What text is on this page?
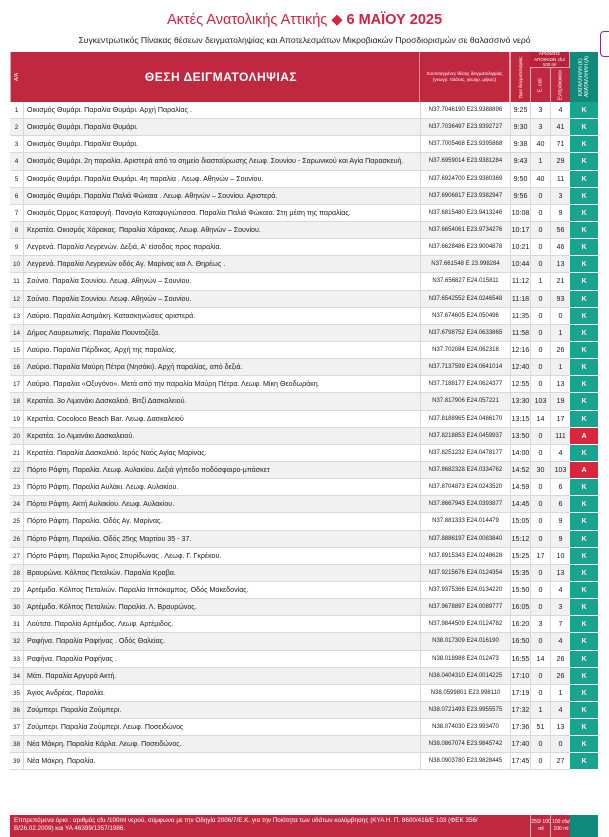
Ακτές Ανατολικής Αττικής ◆ 6 ΜΑΪΟΥ 2025
Συγκεντρωτικός Πίνακας θέσεων δειγματοληψίας και Αποτελεσμάτων Μικροβιακών Προσδιορισμών σε θαλασσινό νερό
Α/Α	ΘΕΣΗ ΔΕΙΓΜΑΤΟΛΗΨΙΑΣ	Συντεταγμένες θέσης δειγματοληψίας (γεωγρ. πλάτος, γεωγρ. μήκος)	Ώρα δειγματοληψίας
ΑΡΙΘΜΟΣ ΑΠΟΙΚΙΩΝ cfu/ 100 ml
E. coli	Εντερόκοκκοι	ΚΑΤΑΛΛΗΛΗ (Κ) ΑΚΑΤΑΛΛΗΛΗ (Α)
1	Οικισμός Θυμάρι. Παραλία Θυμάρι. Αρχή Παραλίας .	N37.7046190 E23.9388896	9:25	3	4	K
2	Οικισμός Θυμάρι. Παραλία Θυμάρι.	N37.7036497 E23.9392727	9:30	3	41	K
3	Οικισμός Θυμάρι. Παραλία Θυμάρι.	N37.7005468 E23.9395868	9:38	40	71	K
4	Οικισμός Θυμάρι. 2η παραλία. Αριστερά από το σημείο διασταύρωσης Λεωφ. Σουνίου - Σαρωνικού και Αγία Παρασκευή.	N37.6959014 E23.9381284	9:43	1	29	K
5	Οικισμός Θυμάρι. Παραλία Θυμάρι. 4η παραλία . Λεωφ. Αθηνών – Σουνίου.	N37.6924700 E23.9380369	9:50	40	11	K
6	Οικισμός Θυμάρι. Παραλία Παλιά Φώκαια . Λεωφ. Αθηνών – Σουνίου. Αριστερά.	N37.6906817 E23.9382947	9:56	0	3	K
7	Οικισμός Όρμος Καταφυγή. Παναγία Καταφυγιώτισσα. Παραλία Παλιά Φώκαια. Στη μέση της παραλίας.	N37.6815480 E23.9413246	10:08	0	9	K
8	Κερατέα. Οικισμός Χάρακας. Παραλία Χάρακας. Λεωφ. Αθηνών – Σουνίου.	N37.6654061 E23.9734276	10:17	0	56	K
9	Λεγρενά. Παραλία Λεγρενών. Δεξιά, Α' είσοδος προς παραλία.	N37.6628486 E23.9004878	10:21	0	46	K
10 Λεγρενά. Παραλία Λεγρενών οδός Αγ. Μαρίνας και Λ. Θηρέως .	N37.661548 E 23.998284	10:44	0	13	K
11	Σούνιο. Παραλία Σουνίου. Λεωφ. Αθηνών – Σουνίου.	N37.656827 E24.015811	11:12	1	21	K
12 Σούνιο. Παραλία Σουνίου. Λεωφ. Αθηνών – Σουνίου.	N37.6542552 E24.0246548	11:18	0	93	K
13 Λαύριο. Παραλία Ασημάκη. Κατασκηνώσεις αριστερά.	N37.674605 E24.050496	11:35	0	0	K
14 Δήμος Λαυρεωτικής. Παραλία Πουντοζέζα.	N37.6798752 E24.0633865	11:58	0	1	K
15 Λαύριο. Παραλία Πέρδικας. Αρχή της παραλίας.	N37.702084 E24.062318	12:16	0	26	K
16 Λαύριο. Παραλία Μαύρη Πέτρα (Νησάκι). Αρχή παραλίας, από δεξιά.	N37.7137599 E24.0641014	12:40	0	1	K
17 Λαύριο. Παραλία «Οξυγόνο». Μετά από την παραλία Μαύρη Πέτρα. Λεωφ. Μίκη Θεοδωράκη.	N37.7188177 E24.0624377	12:55	0	13	K
18 Κερατέα. 3ο Λιμανάκι Δασκαλειό. Βιτζί Δασκαλειού.	N37.817906 E24.057221	13:30 103	19	K
19 Κερατέα. Cocoloco Beach Bar. Λεωφ. Δασκαλειού	N37.8188965 E24.0486170	13:15	14	17	K
20 Κερατέα. 1ο Λιμανάκι Δασκαλειού.	N37.8218853 E24.0459937	13:50	0	111	A
21 Κερατέα. Παραλία Δασκαλειό. Ιερός Ναός Αγίας Μαρίνας.	N37.8251232 E24.0478177	14:00	0	4	K
22 Πόρτο Ράφτη. Παραλία. Λεωφ. Αυλακίου. Δεξιά γήπεδο ποδόσφαιρο-μπάσκετ	N37.8682328 E24.0334762	14:52	30	103	A
23 Πόρτο Ράφτη. Παραλία Αυλάκι. Λεωφ. Αυλακίου.	N37.8704873 E24.0243520	14:59	0	6	K
24 Πόρτο Ράφτη. Ακτή Αυλακίου. Λεωφ. Αυλακίου.	N37.8667943 E24.0393877	14:45	0	6	K
25 Πόρτο Ράφτη. Παραλία. Οδός Αγ. Μαρίνας.	N37.881333 E24.014479	15:05	0	9	K
26 Πόρτο Ράφτη. Παραλία. Οδός 25ης Μαρτίου 35 - 37.	N37.8886197 E24.0083840	15:12	0	9	K
27 Πόρτο Ράφτη. Παραλία Άγιος Σπυρίδωνας . Λεωφ. Γ. Γκρέκου.	N37.8915343 E24.0248628	15:25	17	10	K
28 Βραυρώνα. Κόλπος Πεταλιών. Παραλία Κραβα.	N37.9215676 E24.0124354	15:35	0	13	K
29 Αρτέμιδα. Κόλπος Πεταλιών. Παραλία Ιππόκαμπος. Οδός Μακεδονίας.	N37.9375366 E24.0134220	15:50	0	4	K
30 Αρτέμιδα. Κόλπος Πεταλιών. Παραλία. Λ. Βραυρώνος.	N37.9678897 E24.0089777	16:05	0	3	K
31 Λούτσα. Παραλία Αρτέμιδος. Λεωφ. Αρτέμιδος.	N37.9844509 E24.0124782	16:20	3	7	K
32 Ραφήνα. Παραλία Ραφήνας . Οδός Θαλείας.	N38.017309 E24.016190	16:50	0	4	K
33 Ραφήνα. Παραλία Ραφήνας .	N38.018988 E24.012473	16:55	14	26	K
34 Μάτι. Παραλία Αργυρά Ακτή.	N38.0404310 E24.0014225	17:10	0	26	K
35 Άγιος Ανδρέας. Παραλία.	N38.0599801 E23.998110	17:19	0	1	K
36 Ζούμπερι. Παραλία Ζούμπερι.	N38.0721493 E23.9955575	17:32	1	4	K
37 Ζούμπερι. Παραλία Ζούμπερι. Λεωφ. Ποσειδώνος	N38.074030 E23.993470	17:36	51	13	K
38 Νέα Μάκρη. Παραλία Κάρλα. Λεωφ. Ποσειδώνος.	N38.0867074 E23.9845742	17:40	0	0	K
39 Νέα Μάκρη. Παραλία.	N38.0903780 E23.9828445	17:45	0	27	K
Επιτρεπόμενα όρια : αριθμός cfu /100ml νερού, σύμφωνα με την Οδηγία 2006/7/Ε.Κ. για την Ποιότητα των υδάτων κολύμβησης (ΚΥΑ Η. Π. 8600/416/Ε 103 (ΦΕΚ 356/Β/26.02.2009) και ΥΑ 46399/1357/1986.
250/ 100 ml
100 cfu/ 100 ml
